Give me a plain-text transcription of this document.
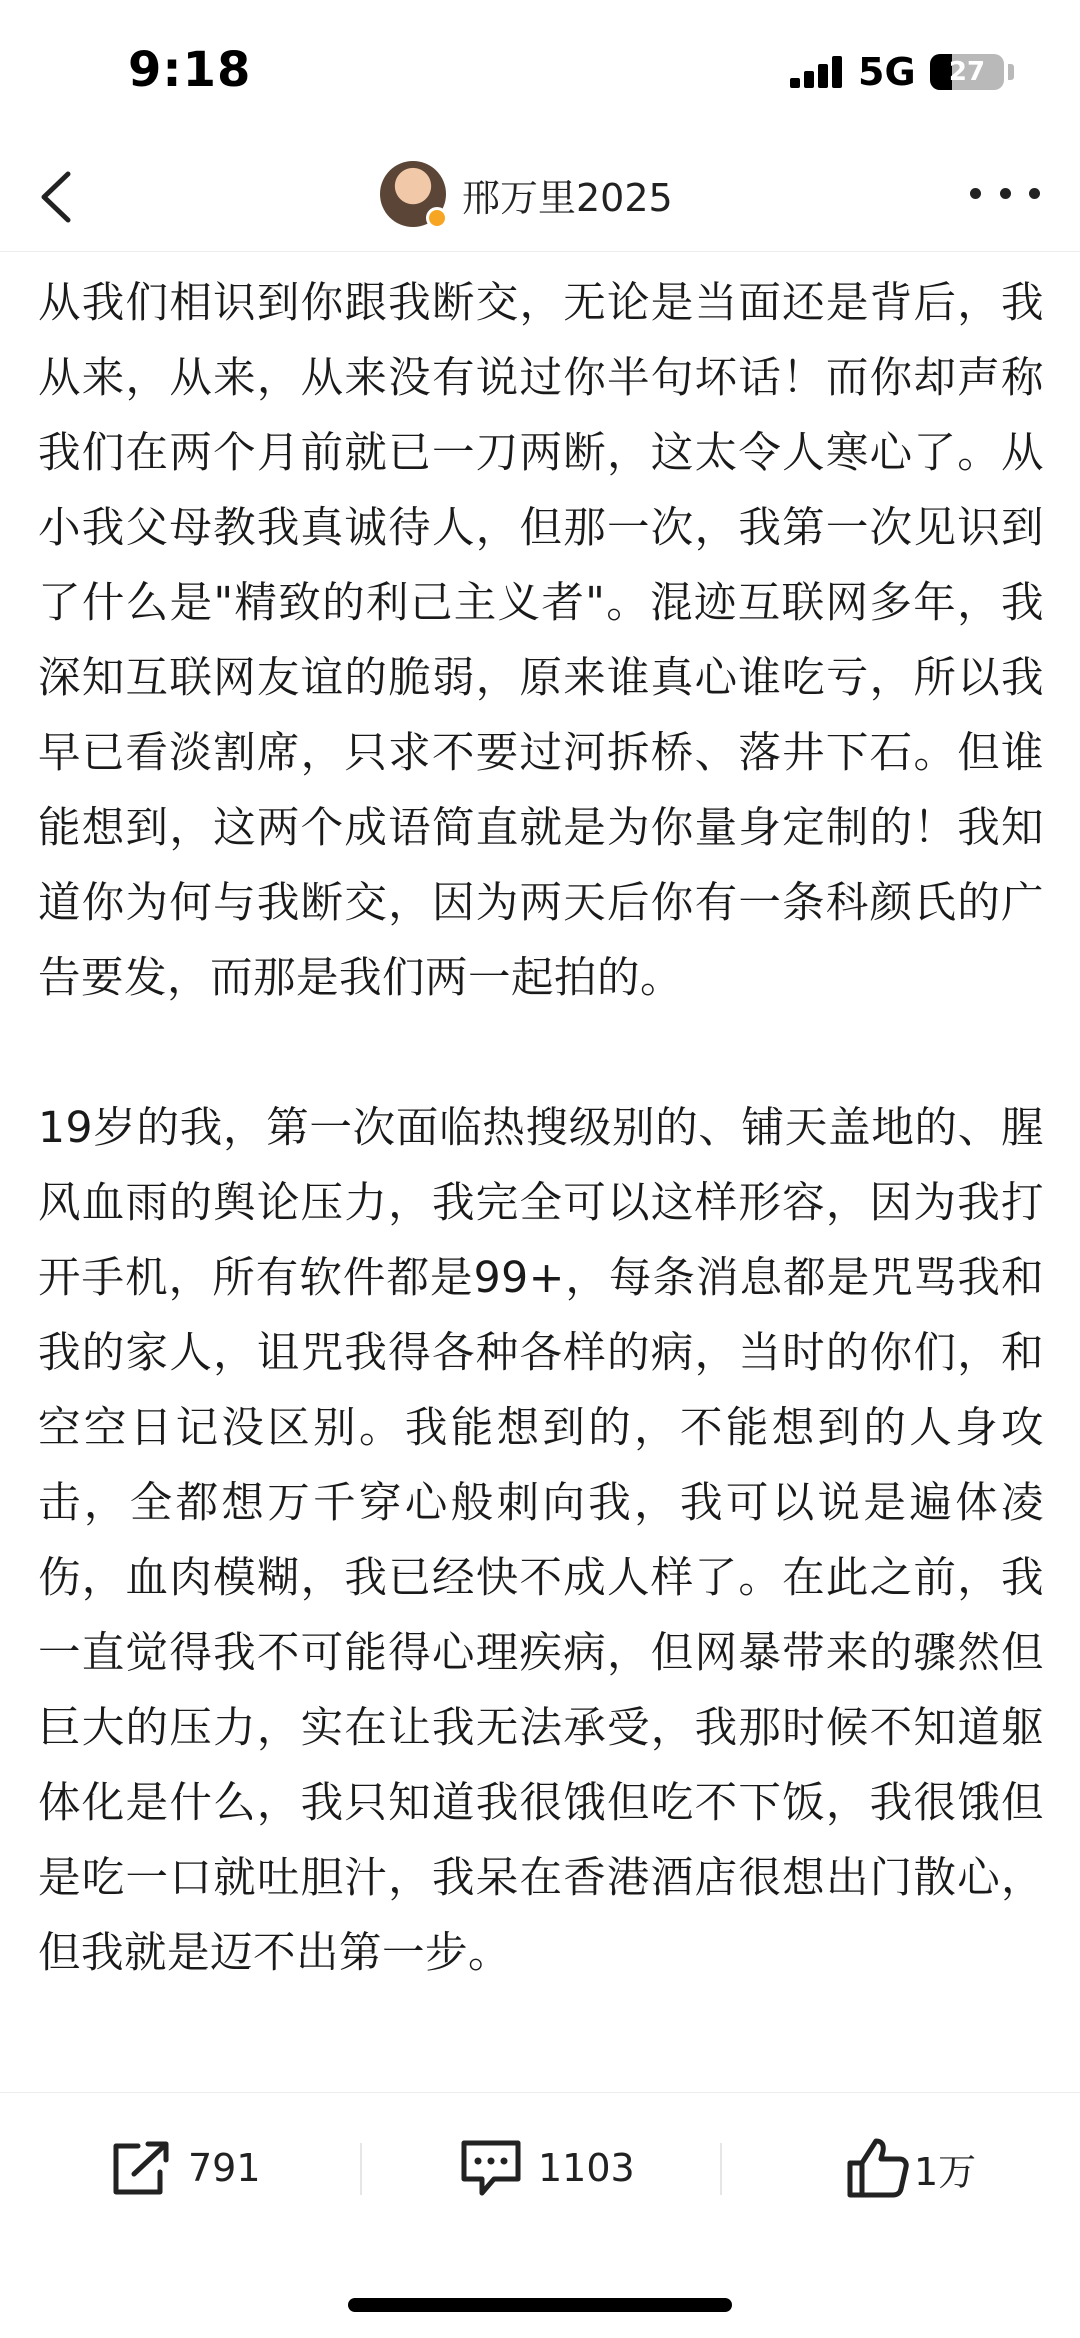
9:18	5G	27
邢万里2025

从我们相识到你跟我断交，无论是当面还是背后，我从来，从来，从来没有说过你半句坏话！而你却声称我们在两个月前就已一刀两断，这太令人寒心了。从小我父母教我真诚待人，但那一次，我第一次见识到了什么是"精致的利己主义者"。混迹互联网多年，我深知互联网友谊的脆弱，原来谁真心谁吃亏，所以我早已看淡割席，只求不要过河拆桥、落井下石。但谁能想到，这两个成语简直就是为你量身定制的！我知道你为何与我断交，因为两天后你有一条科颜氏的广告要发，而那是我们两一起拍的。

19岁的我，第一次面临热搜级别的、铺天盖地的、腥风血雨的舆论压力，我完全可以这样形容，因为我打开手机，所有软件都是99+，每条消息都是咒骂我和我的家人，诅咒我得各种各样的病，当时的你们，和空空日记没区别。我能想到的，不能想到的人身攻击，全都想万千穿心般刺向我，我可以说是遍体凌伤，血肉模糊，我已经快不成人样了。在此之前，我一直觉得我不可能得心理疾病，但网暴带来的骤然但巨大的压力，实在让我无法承受，我那时候不知道躯体化是什么，我只知道我很饿但吃不下饭，我很饿但是吃一口就吐胆汁，我呆在香港酒店很想出门散心，但我就是迈不出第一步。

791	1103	1万
